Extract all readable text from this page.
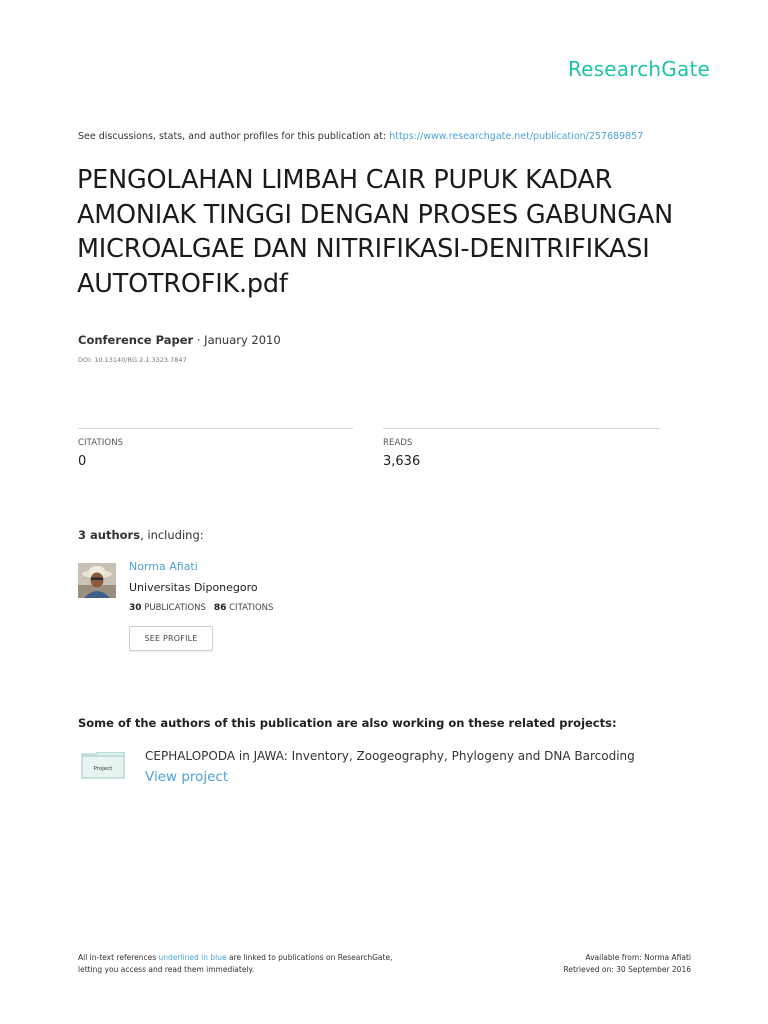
ResearchGate
See discussions, stats, and author profiles for this publication at: https://www.researchgate.net/publication/257689857
PENGOLAHAN LIMBAH CAIR PUPUK KADAR AMONIAK TINGGI DENGAN PROSES GABUNGAN MICROALGAE DAN NITRIFIKASI-DENITRIFIKASI AUTOTROFIK.pdf
Conference Paper · January 2010
DOI: 10.13140/RG.2.1.3323.7847
CITATIONS
0
READS
3,636
3 authors, including:
Norma Afiati
Universitas Diponegoro
30 PUBLICATIONS 86 CITATIONS
SEE PROFILE
Some of the authors of this publication are also working on these related projects:
Project
CEPHALOPODA in JAWA: Inventory, Zoogeography, Phylogeny and DNA Barcoding View project
All in-text references underlined in blue are linked to publications on ResearchGate,
letting you access and read them immediately.
Available from: Norma Afiati
Retrieved on: 30 September 2016
